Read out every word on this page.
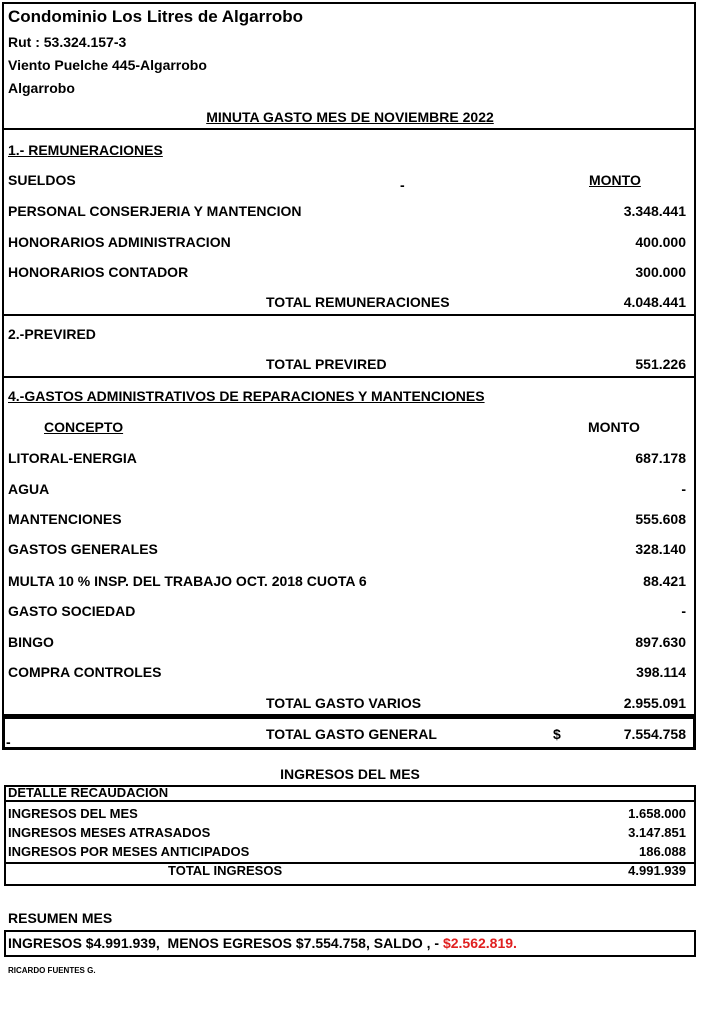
Condominio Los Litres de Algarrobo
Rut : 53.324.157-3
Viento Puelche 445-Algarrobo
Algarrobo
MINUTA GASTO MES DE NOVIEMBRE 2022
1.- REMUNERACIONES
SUELDOS	-	MONTO
PERSONAL CONSERJERIA Y MANTENCION	3.348.441
HONORARIOS ADMINISTRACION	400.000
HONORARIOS CONTADOR	300.000
TOTAL REMUNERACIONES	4.048.441
2.-PREVIRED
TOTAL PREVIRED	551.226
4.-GASTOS ADMINISTRATIVOS DE REPARACIONES Y MANTENCIONES
CONCEPTO	MONTO
LITORAL-ENERGIA	687.178
AGUA	-
MANTENCIONES	555.608
GASTOS GENERALES	328.140
MULTA 10 % INSP. DEL TRABAJO OCT. 2018 CUOTA 6	88.421
GASTO SOCIEDAD	-
BINGO	897.630
COMPRA CONTROLES	398.114
TOTAL GASTO VARIOS	2.955.091
-	TOTAL GASTO GENERAL	$	7.554.758
INGRESOS DEL MES
DETALLE RECAUDACION
INGRESOS DEL MES	1.658.000
INGRESOS MESES ATRASADOS	3.147.851
INGRESOS POR MESES ANTICIPADOS	186.088
TOTAL INGRESOS	4.991.939
RESUMEN MES
INGRESOS $4.991.939,  MENOS EGRESOS $7.554.758, SALDO , - $2.562.819.
RICARDO FUENTES G.
